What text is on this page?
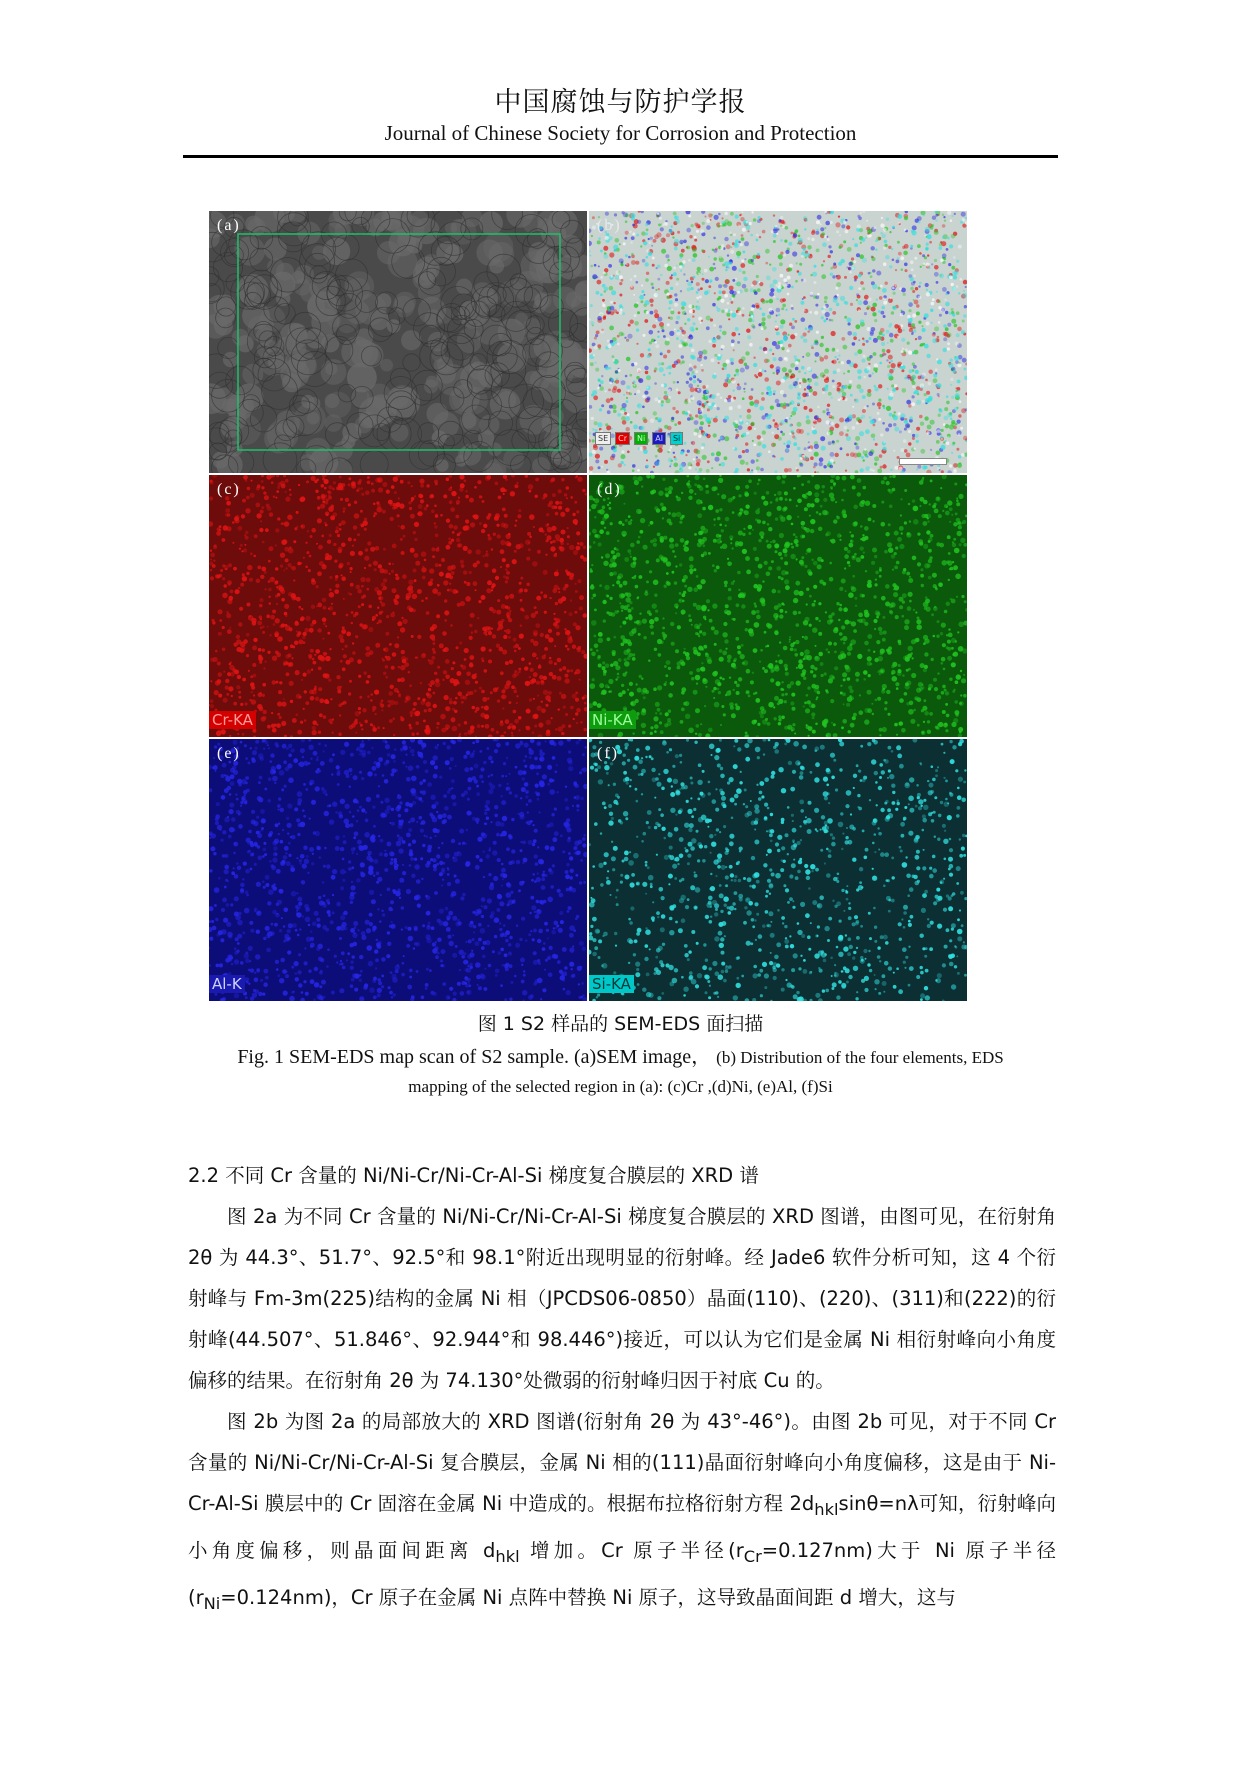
中国腐蚀与防护学报
Journal of Chinese Society for Corrosion and Protection
(a)	(b)
SE	Cr	Ni	Al	Si
(c)
Cr-KA
(d)
Ni-KA
(e)
Al-K
(f)
Si-KA
图 1 S2 样品的 SEM-EDS 面扫描
Fig. 1 SEM-EDS map scan of S2 sample. (a)SEM image， (b) Distribution of the four elements, EDS
mapping of the selected region in (a): (c)Cr ,(d)Ni, (e)Al, (f)Si

2.2 不同 Cr 含量的 Ni/Ni-Cr/Ni-Cr-Al-Si 梯度复合膜层的 XRD 谱

图 2a 为不同 Cr 含量的 Ni/Ni-Cr/Ni-Cr-Al-Si 梯度复合膜层的 XRD 图谱，由图可见，在衍射角 2θ 为 44.3°、51.7°、92.5°和 98.1°附近出现明显的衍射峰。经 Jade6 软件分析可知，这 4 个衍射峰与 Fm-3m(225)结构的金属 Ni 相（JPCDS06-0850）晶面(110)、(220)、(311)和(222)的衍射峰(44.507°、51.846°、92.944°和 98.446°)接近，可以认为它们是金属 Ni 相衍射峰向小角度偏移的结果。在衍射角 2θ 为 74.130°处微弱的衍射峰归因于衬底 Cu 的。

图 2b 为图 2a 的局部放大的 XRD 图谱(衍射角 2θ 为 43°-46°)。由图 2b 可见，对于不同 Cr 含量的 Ni/Ni-Cr/Ni-Cr-Al-Si 复合膜层，金属 Ni 相的(111)晶面衍射峰向小角度偏移，这是由于 Ni-Cr-Al-Si 膜层中的 Cr 固溶在金属 Ni 中造成的。根据布拉格衍射方程 $2d_{hkl}\sin\theta=n\lambda$可知，衍射峰向小角度偏移，则晶面间距离 $d_{hkl}$ 增加。Cr 原子半径$(r_{Cr}=0.127nm)$大于 Ni 原子半径$(r_{Ni}=0.124nm)$，Cr 原子在金属 Ni 点阵中替换 Ni 原子，这导致晶面间距 d 增大，这与
